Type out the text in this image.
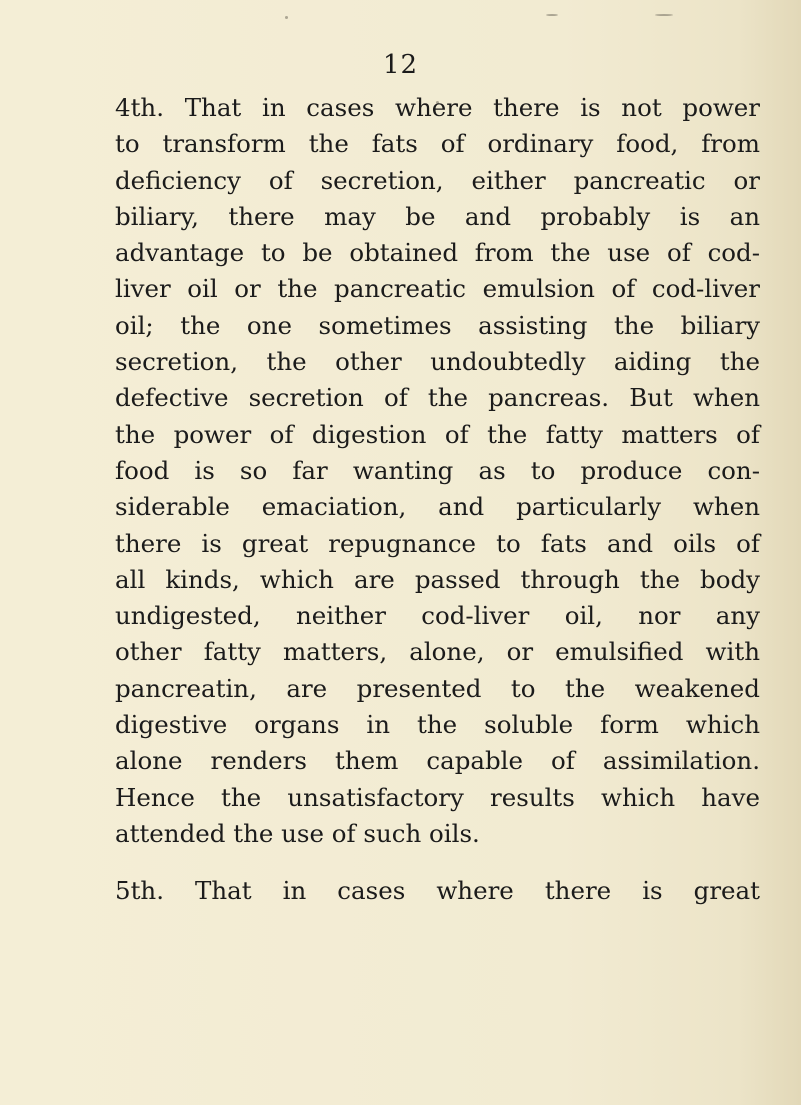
12
4th. That in cases where there is not power
to transform the fats of ordinary food, from
deficiency of secretion, either pancreatic or
biliary, there may be and probably is an
advantage to be obtained from the use of cod-
liver oil or the pancreatic emulsion of cod-liver
oil; the one sometimes assisting the biliary
secretion, the other undoubtedly aiding the
defective secretion of the pancreas. But when
the power of digestion of the fatty matters of
food is so far wanting as to produce con-
siderable emaciation, and particularly when
there is great repugnance to fats and oils of
all kinds, which are passed through the body
undigested, neither cod-liver oil, nor any
other fatty matters, alone, or emulsified with
pancreatin, are presented to the weakened
digestive organs in the soluble form which
alone renders them capable of assimilation.
Hence the unsatisfactory results which have
attended the use of such oils.
5th. That in cases where there is great
